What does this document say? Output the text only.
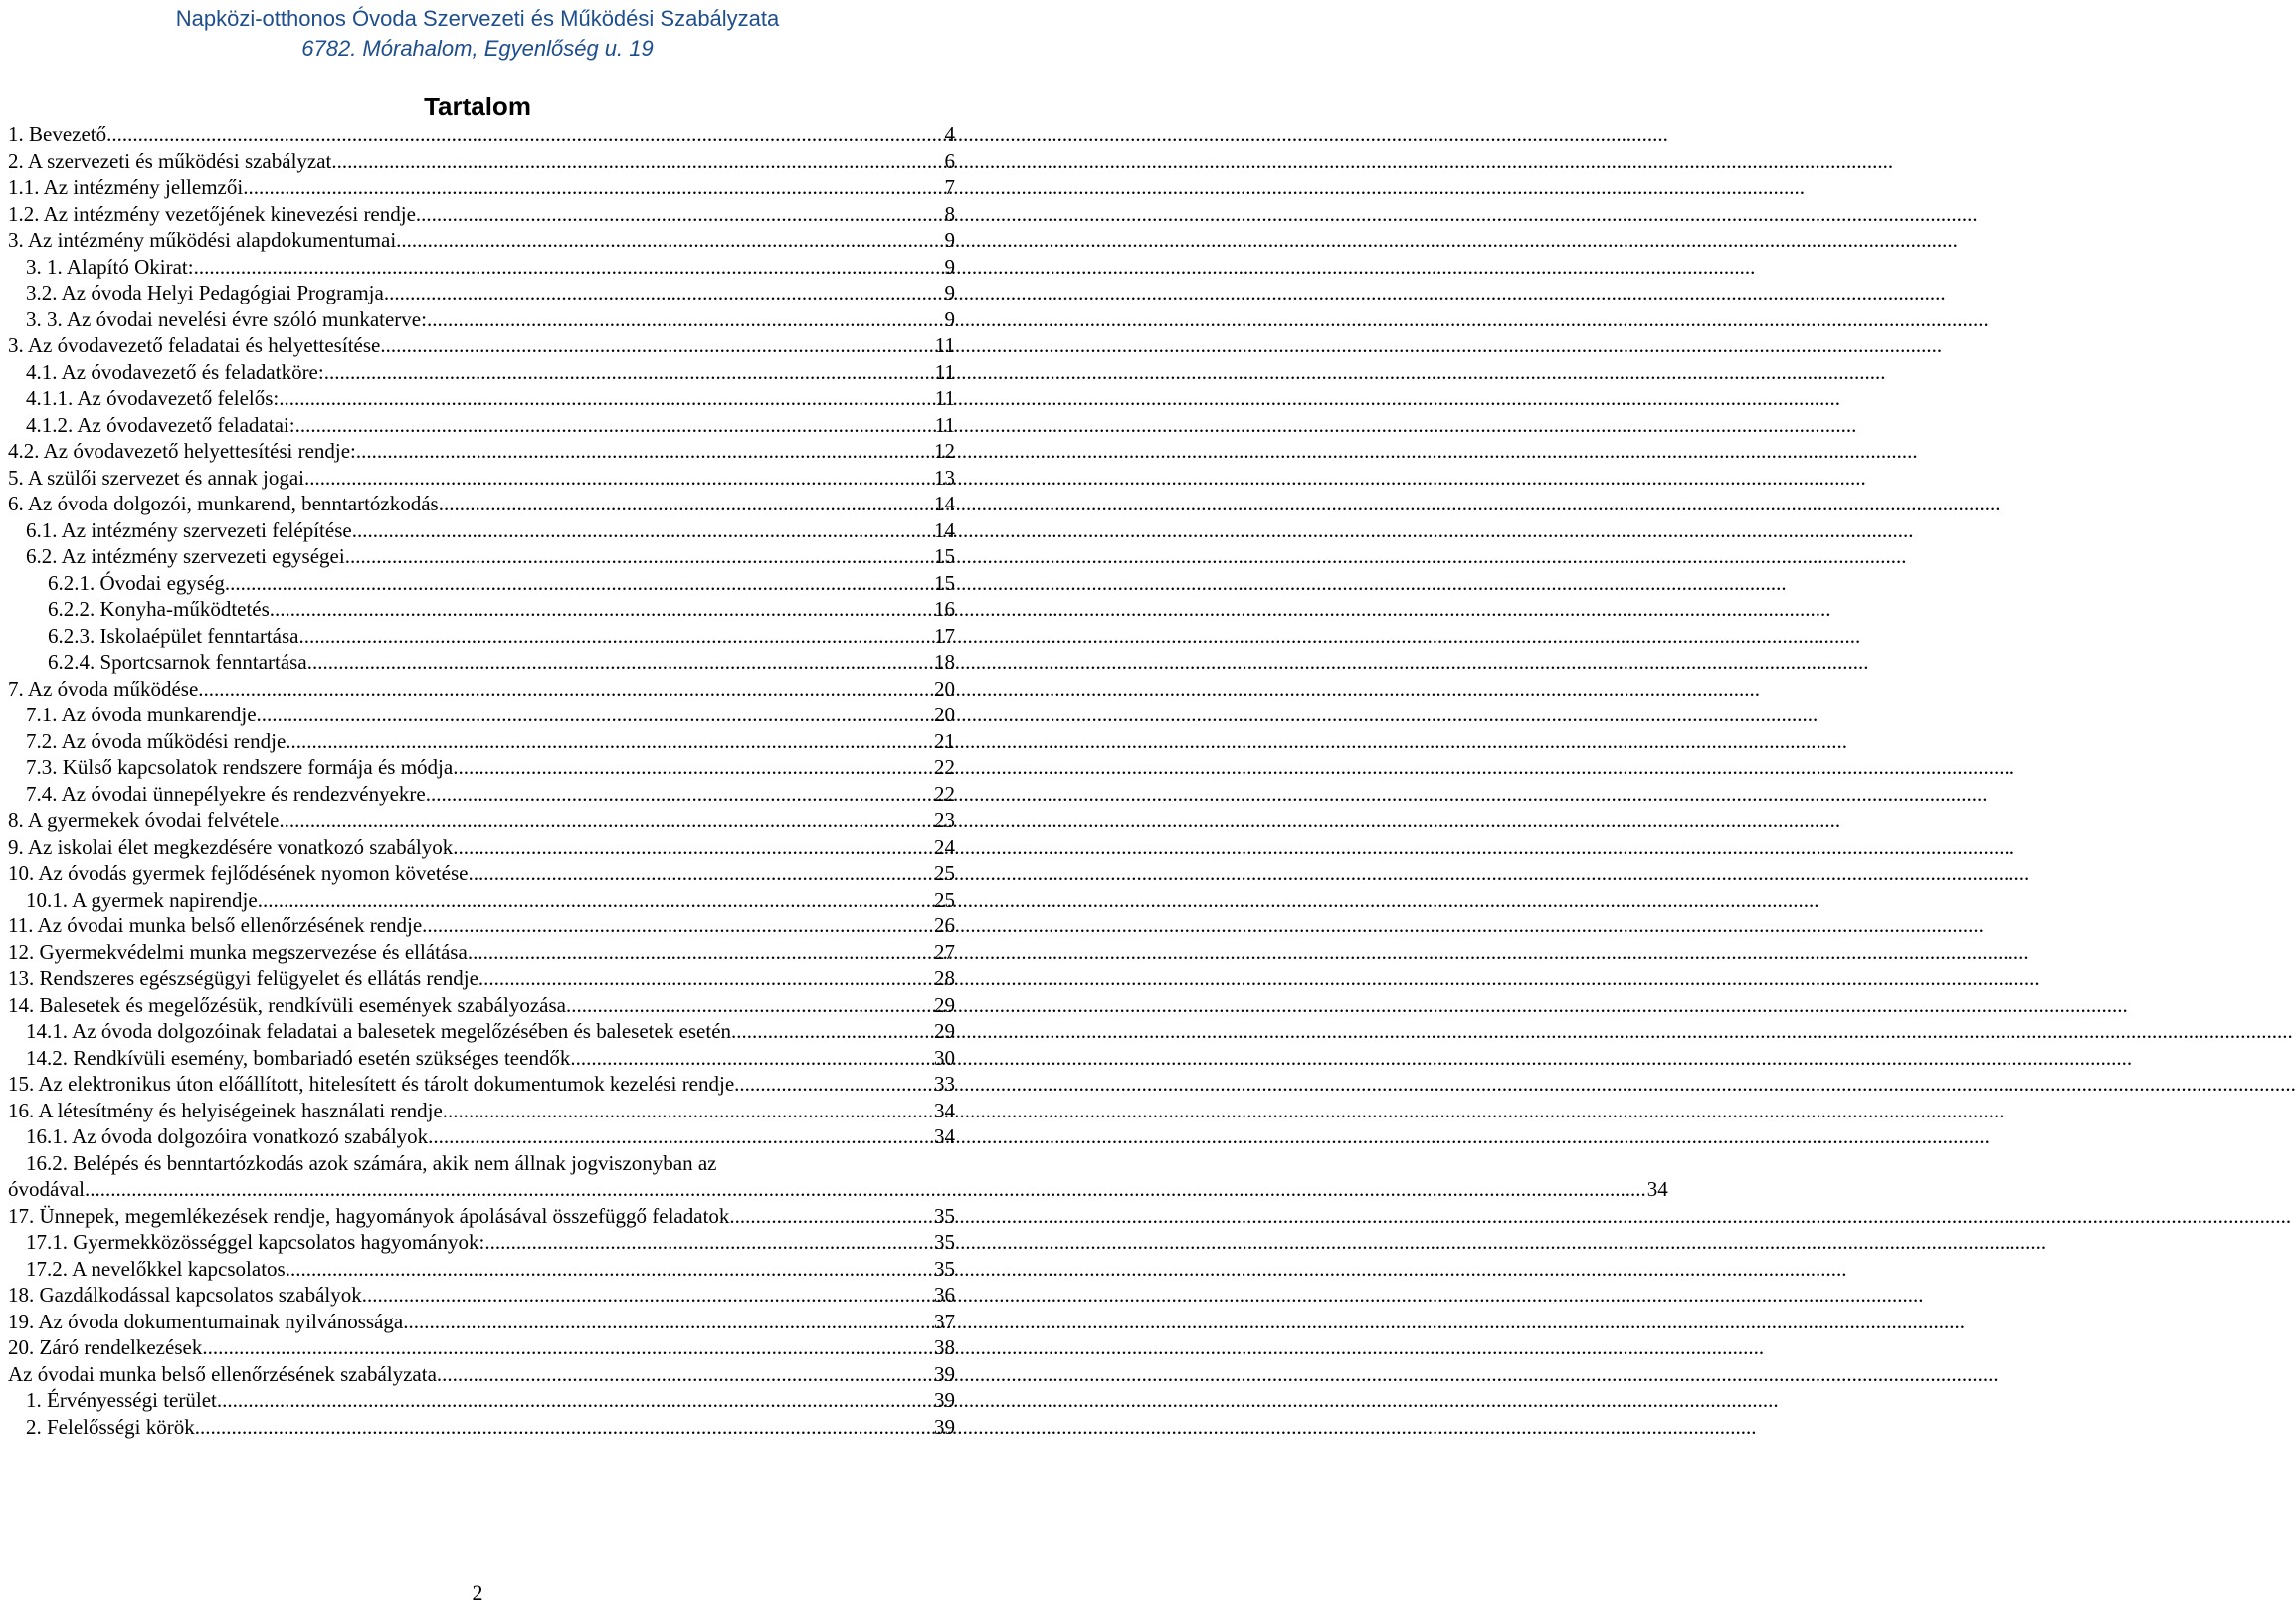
Napközi-otthonos Óvoda Szervezeti és Működési Szabályzata
6782. Mórahalom, Egyenlőség u. 19
Tartalom
1. Bevezető .....	4
2. A szervezeti és működési szabályzat .....	6
1.1. Az intézmény jellemzői .....	7
1.2. Az intézmény vezetőjének kinevezési rendje .....	8
3. Az intézmény működési alapdokumentumai .....	9
3. 1. Alapító Okirat: .....	9
3.2. Az óvoda Helyi Pedagógiai Programja .....	9
3. 3. Az óvodai nevelési évre szóló munkaterve: .....	9
3. Az óvodavezető feladatai és helyettesítése .....	11
4.1. Az óvodavezető és feladatköre: .....	11
4.1.1. Az óvodavezető felelős: .....	11
4.1.2. Az óvodavezető feladatai: .....	11
4.2. Az óvodavezető helyettesítési rendje: .....	12
5. A szülői szervezet és annak jogai .....	13
6. Az óvoda dolgozói, munkarend, benntartózkodás .....	14
6.1. Az intézmény szervezeti felépítése .....	14
6.2. Az intézmény szervezeti egységei .....	15
6.2.1. Óvodai egység .....	15
6.2.2. Konyha-működtetés .....	16
6.2.3. Iskolaépület fenntartása .....	17
6.2.4. Sportcsarnok fenntartása .....	18
7. Az óvoda működése .....	20
7.1. Az óvoda munkarendje .....	20
7.2. Az óvoda működési rendje .....	21
7.3. Külső kapcsolatok rendszere formája és módja .....	22
7.4. Az óvodai ünnepélyekre és rendezvényekre .....	22
8. A gyermekek óvodai felvétele .....	23
9. Az iskolai élet megkezdésére vonatkozó szabályok .....	24
10. Az óvodás gyermek fejlődésének nyomon követése .....	25
10.1. A gyermek napirendje .....	25
11. Az óvodai munka belső ellenőrzésének rendje .....	26
12. Gyermekvédelmi munka megszervezése és ellátása .....	27
13. Rendszeres egészségügyi felügyelet és ellátás rendje .....	28
14. Balesetek és megelőzésük, rendkívüli események szabályozása .....	29
14.1. Az óvoda dolgozóinak feladatai a balesetek megelőzésében és balesetek esetén .....	29
14.2. Rendkívüli esemény, bombariadó esetén szükséges teendők .....	30
15. Az elektronikus úton előállított, hitelesített és tárolt dokumentumok kezelési rendje .....	33
16. A létesítmény és helyiségeinek használati rendje .....	34
16.1. Az óvoda dolgozóira vonatkozó szabályok .....	34
16.2. Belépés és benntartózkodás azok számára, akik nem állnak jogviszonyban az
óvodával .....	34
17. Ünnepek, megemlékezések rendje, hagyományok ápolásával összefüggő feladatok .....	35
17.1. Gyermekközösséggel kapcsolatos hagyományok: .....	35
17.2. A nevelőkkel kapcsolatos .....	35
18. Gazdálkodással kapcsolatos szabályok .....	36
19. Az óvoda dokumentumainak nyilvánossága .....	37
20. Záró rendelkezések .....	38
Az óvodai munka belső ellenőrzésének szabályzata .....	39
1. Érvényességi terület .....	39
2. Felelősségi körök .....	39
2
